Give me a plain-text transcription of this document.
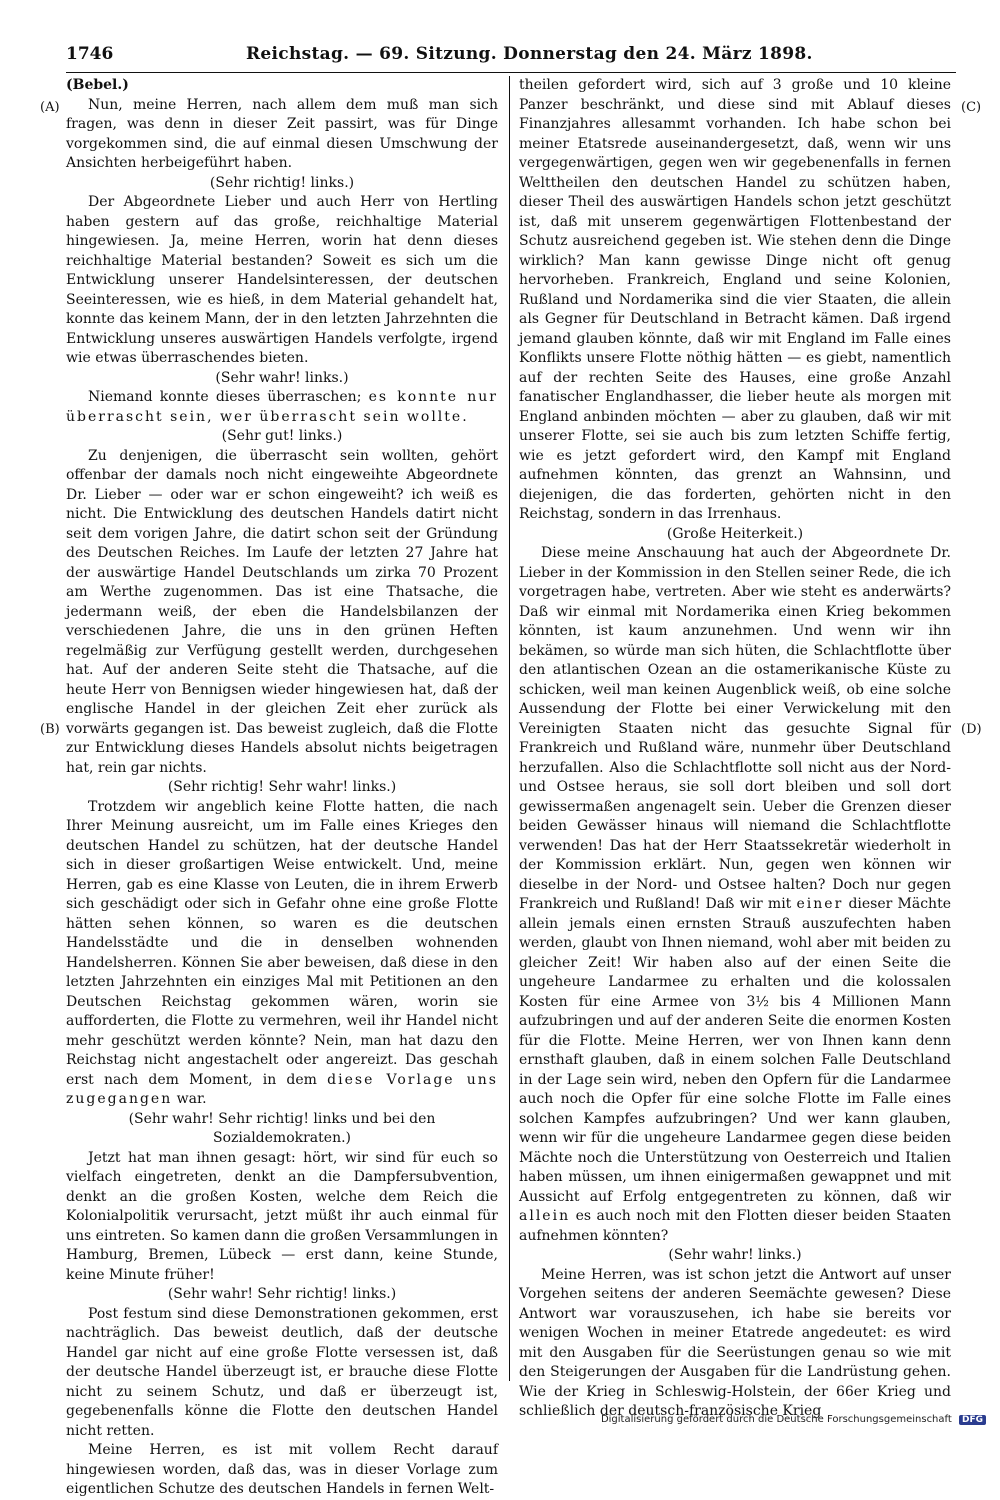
1746	Reichstag. — 69. Sitzung. Donnerstag den 24. März 1898.
(A)
(B)
(C)
(D)

(Bebel.)

Nun, meine Herren, nach allem dem muß man sich fragen, was denn in dieser Zeit passirt, was für Dinge vorgekommen sind, die auf einmal diesen Umschwung der Ansichten herbeigeführt haben.

(Sehr richtig! links.)

Der Abgeordnete Lieber und auch Herr von Hertling haben gestern auf das große, reichhaltige Material hingewiesen. Ja, meine Herren, worin hat denn dieses reichhaltige Material bestanden? Soweit es sich um die Entwicklung unserer Handelsinteressen, der deutschen Seeinteressen, wie es hieß, in dem Material gehandelt hat, konnte das keinem Mann, der in den letzten Jahrzehnten die Entwicklung unseres auswärtigen Handels verfolgte, irgend wie etwas überraschendes bieten.

(Sehr wahr! links.)

Niemand konnte dieses überraschen; es konnte nur überrascht sein, wer überrascht sein wollte.

(Sehr gut! links.)

Zu denjenigen, die überrascht sein wollten, gehört offenbar der damals noch nicht eingeweihte Abgeordnete Dr. Lieber — oder war er schon eingeweiht? ich weiß es nicht. Die Entwicklung des deutschen Handels datirt nicht seit dem vorigen Jahre, die datirt schon seit der Gründung des Deutschen Reiches. Im Laufe der letzten 27 Jahre hat der auswärtige Handel Deutschlands um zirka 70 Prozent am Werthe zugenommen. Das ist eine Thatsache, die jedermann weiß, der eben die Handelsbilanzen der verschiedenen Jahre, die uns in den grünen Heften regelmäßig zur Verfügung gestellt werden, durchgesehen hat. Auf der anderen Seite steht die Thatsache, auf die heute Herr von Bennigsen wieder hingewiesen hat, daß der englische Handel in der gleichen Zeit eher zurück als vorwärts gegangen ist. Das beweist zugleich, daß die Flotte zur Entwicklung dieses Handels absolut nichts beigetragen hat, rein gar nichts.

(Sehr richtig! Sehr wahr! links.)

Trotzdem wir angeblich keine Flotte hatten, die nach Ihrer Meinung ausreicht, um im Falle eines Krieges den deutschen Handel zu schützen, hat der deutsche Handel sich in dieser großartigen Weise entwickelt. Und, meine Herren, gab es eine Klasse von Leuten, die in ihrem Erwerb sich geschädigt oder sich in Gefahr ohne eine große Flotte hätten sehen können, so waren es die deutschen Handelsstädte und die in denselben wohnenden Handelsherren. Können Sie aber beweisen, daß diese in den letzten Jahrzehnten ein einziges Mal mit Petitionen an den Deutschen Reichstag gekommen wären, worin sie aufforderten, die Flotte zu vermehren, weil ihr Handel nicht mehr geschützt werden könnte? Nein, man hat dazu den Reichstag nicht angestachelt oder angereizt. Das geschah erst nach dem Moment, in dem diese Vorlage uns zugegangen war.

(Sehr wahr! Sehr richtig! links und bei den Sozialdemokraten.)

Jetzt hat man ihnen gesagt: hört, wir sind für euch so vielfach eingetreten, denkt an die Dampfersubvention, denkt an die großen Kosten, welche dem Reich die Kolonialpolitik verursacht, jetzt müßt ihr auch einmal für uns eintreten. So kamen dann die großen Versammlungen in Hamburg, Bremen, Lübeck — erst dann, keine Stunde, keine Minute früher!

(Sehr wahr! Sehr richtig! links.)

Post festum sind diese Demonstrationen gekommen, erst nachträglich. Das beweist deutlich, daß der deutsche Handel gar nicht auf eine große Flotte versessen ist, daß der deutsche Handel überzeugt ist, er brauche diese Flotte nicht zu seinem Schutz, und daß er überzeugt ist, gegebenenfalls könne die Flotte den deutschen Handel nicht retten.

Meine Herren, es ist mit vollem Recht darauf hingewiesen worden, daß das, was in dieser Vorlage zum eigentlichen Schutze des deutschen Handels in fernen Welt-

theilen gefordert wird, sich auf 3 große und 10 kleine Panzer beschränkt, und diese sind mit Ablauf dieses Finanzjahres allesammt vorhanden. Ich habe schon bei meiner Etatsrede auseinandergesetzt, daß, wenn wir uns vergegenwärtigen, gegen wen wir gegebenenfalls in fernen Welttheilen den deutschen Handel zu schützen haben, dieser Theil des auswärtigen Handels schon jetzt geschützt ist, daß mit unserem gegenwärtigen Flottenbestand der Schutz ausreichend gegeben ist. Wie stehen denn die Dinge wirklich? Man kann gewisse Dinge nicht oft genug hervorheben. Frankreich, England und seine Kolonien, Rußland und Nordamerika sind die vier Staaten, die allein als Gegner für Deutschland in Betracht kämen. Daß irgend jemand glauben könnte, daß wir mit England im Falle eines Konflikts unsere Flotte nöthig hätten — es giebt, namentlich auf der rechten Seite des Hauses, eine große Anzahl fanatischer Englandhasser, die lieber heute als morgen mit England anbinden möchten — aber zu glauben, daß wir mit unserer Flotte, sei sie auch bis zum letzten Schiffe fertig, wie es jetzt gefordert wird, den Kampf mit England aufnehmen könnten, das grenzt an Wahnsinn, und diejenigen, die das forderten, gehörten nicht in den Reichstag, sondern in das Irrenhaus.

(Große Heiterkeit.)

Diese meine Anschauung hat auch der Abgeordnete Dr. Lieber in der Kommission in den Stellen seiner Rede, die ich vorgetragen habe, vertreten. Aber wie steht es anderwärts? Daß wir einmal mit Nordamerika einen Krieg bekommen könnten, ist kaum anzunehmen. Und wenn wir ihn bekämen, so würde man sich hüten, die Schlachtflotte über den atlantischen Ozean an die ostamerikanische Küste zu schicken, weil man keinen Augenblick weiß, ob eine solche Aussendung der Flotte bei einer Verwickelung mit den Vereinigten Staaten nicht das gesuchte Signal für Frankreich und Rußland wäre, nunmehr über Deutschland herzufallen. Also die Schlachtflotte soll nicht aus der Nord- und Ostsee heraus, sie soll dort bleiben und soll dort gewissermaßen angenagelt sein. Ueber die Grenzen dieser beiden Gewässer hinaus will niemand die Schlachtflotte verwenden! Das hat der Herr Staatssekretär wiederholt in der Kommission erklärt. Nun, gegen wen können wir dieselbe in der Nord- und Ostsee halten? Doch nur gegen Frankreich und Rußland! Daß wir mit einer dieser Mächte allein jemals einen ernsten Strauß auszufechten haben werden, glaubt von Ihnen niemand, wohl aber mit beiden zu gleicher Zeit! Wir haben also auf der einen Seite die ungeheure Landarmee zu erhalten und die kolossalen Kosten für eine Armee von 3½ bis 4 Millionen Mann aufzubringen und auf der anderen Seite die enormen Kosten für die Flotte. Meine Herren, wer von Ihnen kann denn ernsthaft glauben, daß in einem solchen Falle Deutschland in der Lage sein wird, neben den Opfern für die Landarmee auch noch die Opfer für eine solche Flotte im Falle eines solchen Kampfes aufzubringen? Und wer kann glauben, wenn wir für die ungeheure Landarmee gegen diese beiden Mächte noch die Unterstützung von Oesterreich und Italien haben müssen, um ihnen einigermaßen gewappnet und mit Aussicht auf Erfolg entgegentreten zu können, daß wir allein es auch noch mit den Flotten dieser beiden Staaten aufnehmen könnten?

(Sehr wahr! links.)

Meine Herren, was ist schon jetzt die Antwort auf unser Vorgehen seitens der anderen Seemächte gewesen? Diese Antwort war vorauszusehen, ich habe sie bereits vor wenigen Wochen in meiner Etatrede angedeutet: es wird mit den Ausgaben für die Seerüstungen genau so wie mit den Steigerungen der Ausgaben für die Landrüstung gehen. Wie der Krieg in Schleswig-Holstein, der 66er Krieg und schließlich der deutsch-französische Krieg

Digitalisierung gefördert durch die Deutsche Forschungsgemeinschaft DFG
